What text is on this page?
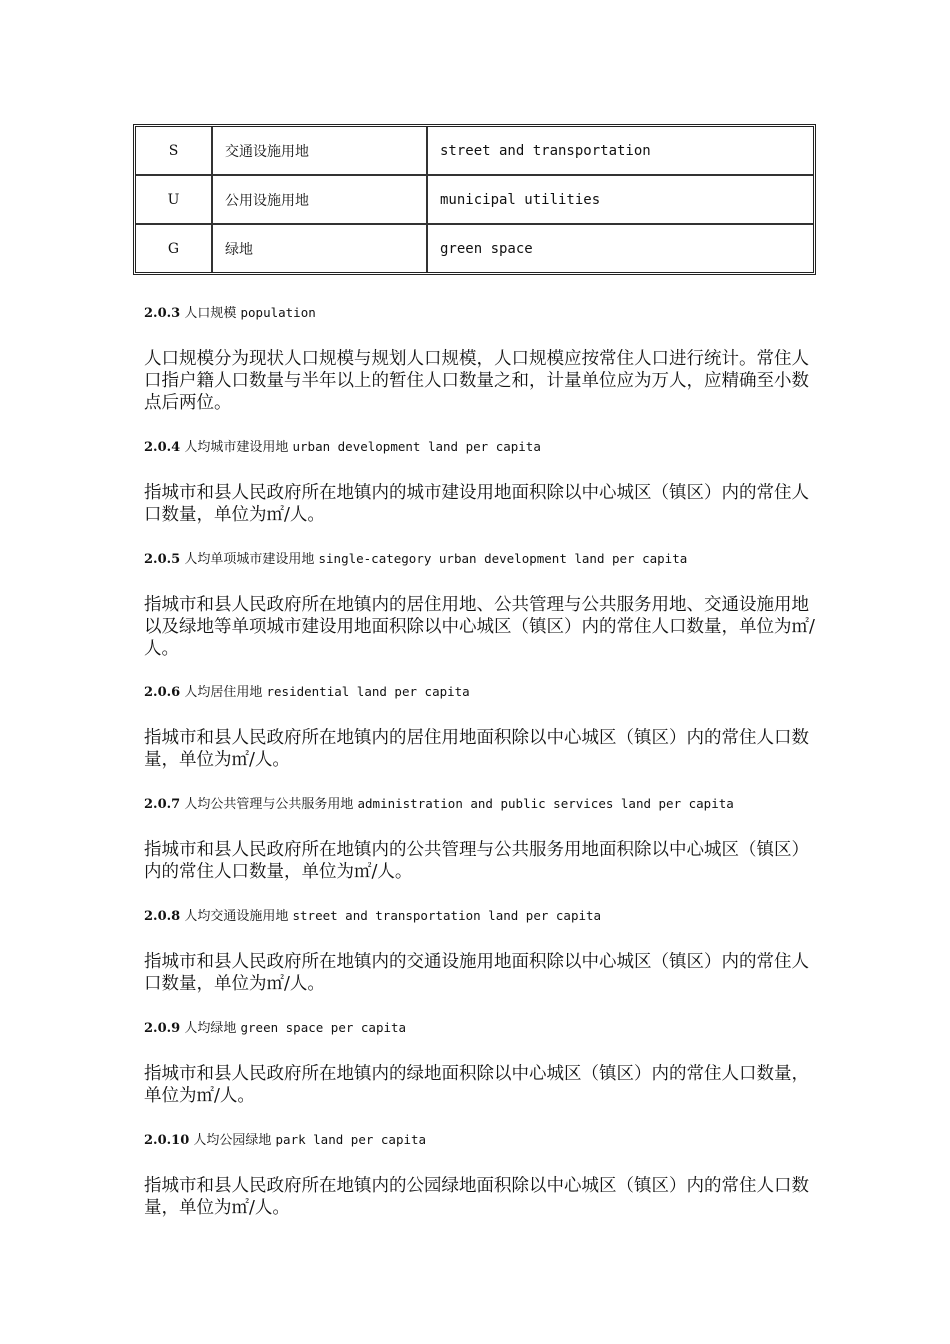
S	交通设施用地	street and transportation
U	公用设施用地	municipal utilities
G	绿地	green space
2.0.3 人口规模 population
人口规模分为现状人口规模与规划人口规模，人口规模应按常住人口进行统计。常住人口指户籍人口数量与半年以上的暂住人口数量之和，计量单位应为万人，应精确至小数点后两位。
2.0.4 人均城市建设用地 urban development land per capita
指城市和县人民政府所在地镇内的城市建设用地面积除以中心城区（镇区）内的常住人口数量，单位为㎡/人。
2.0.5 人均单项城市建设用地 single-category urban development land per capita
指城市和县人民政府所在地镇内的居住用地、公共管理与公共服务用地、交通设施用地以及绿地等单项城市建设用地面积除以中心城区（镇区）内的常住人口数量，单位为㎡/人。
2.0.6 人均居住用地 residential land per capita
指城市和县人民政府所在地镇内的居住用地面积除以中心城区（镇区）内的常住人口数量，单位为㎡/人。
2.0.7 人均公共管理与公共服务用地 administration and public services land per capita
指城市和县人民政府所在地镇内的公共管理与公共服务用地面积除以中心城区（镇区）内的常住人口数量，单位为㎡/人。
2.0.8 人均交通设施用地 street and transportation land per capita
指城市和县人民政府所在地镇内的交通设施用地面积除以中心城区（镇区）内的常住人口数量，单位为㎡/人。
2.0.9 人均绿地 green space per capita
指城市和县人民政府所在地镇内的绿地面积除以中心城区（镇区）内的常住人口数量，单位为㎡/人。
2.0.10 人均公园绿地 park land per capita
指城市和县人民政府所在地镇内的公园绿地面积除以中心城区（镇区）内的常住人口数量，单位为㎡/人。
